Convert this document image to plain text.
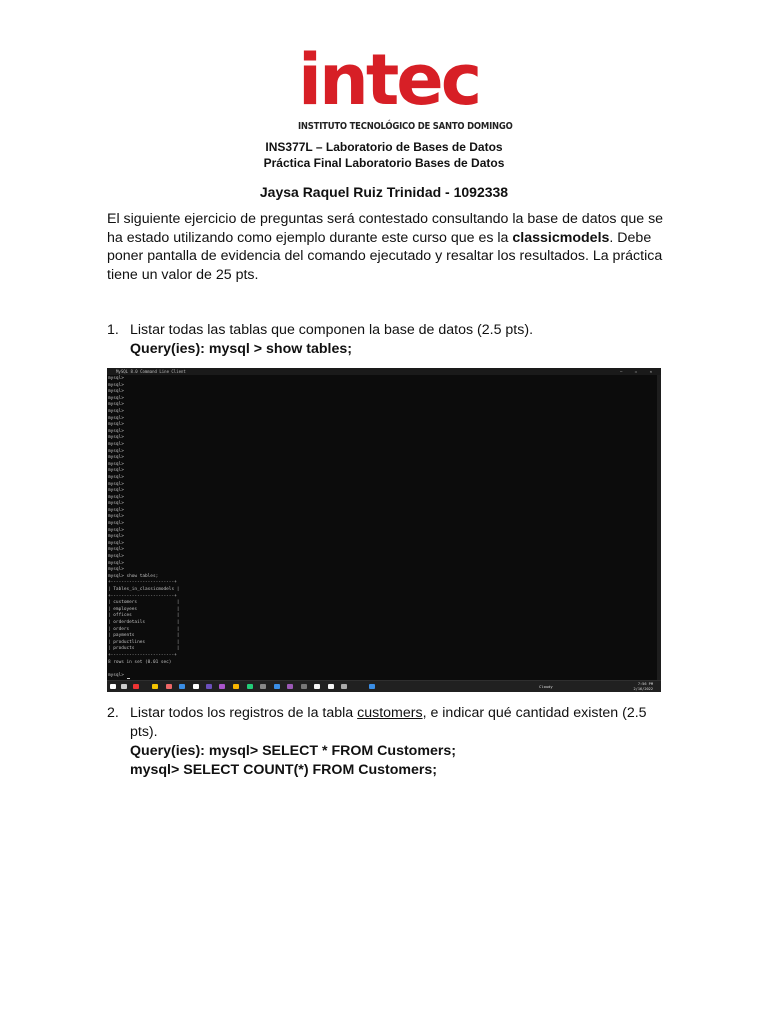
intec
INSTITUTO TECNOLÓGICO DE SANTO DOMINGO
INS377L – Laboratorio de Bases de Datos
Práctica Final Laboratorio Bases de Datos
Jaysa Raquel Ruiz Trinidad - 1092338
El siguiente ejercicio de preguntas será contestado consultando la base de datos que se ha estado utilizando como ejemplo durante este curso que es la classicmodels. Debe poner pantalla de evidencia del comando ejecutado y resaltar los resultados. La práctica tiene un valor de 25 pts.
1. Listar todas las tablas que componen la base de datos (2.5 pts).
Query(ies): mysql > show tables;
MySQL 8.0 Command Line Client	– ☐ ✕
mysql>
mysql>
mysql>
mysql>
mysql>
mysql>
mysql>
mysql>
mysql>
mysql>
mysql>
mysql>
mysql>
mysql>
mysql>
mysql>
mysql>
mysql>
mysql>
mysql>
mysql>
mysql>
mysql>
mysql>
mysql>
mysql>
mysql>
mysql>
mysql>
mysql>
mysql> show tables;
+------------------------+
| Tables_in_classicmodels |
+------------------------+
| customers               |
| employees               |
| offices                 |
| orderdetails            |
| orders                  |
| payments                |
| productlines            |
| products                |
+------------------------+
8 rows in set (0.01 sec)
mysql>
Cloudy	7:56 PM
2/16/2022
2. Listar todos los registros de la tabla customers, e indicar qué cantidad existen (2.5 pts).
Query(ies): mysql> SELECT * FROM Customers;
mysql> SELECT COUNT(*) FROM Customers;
